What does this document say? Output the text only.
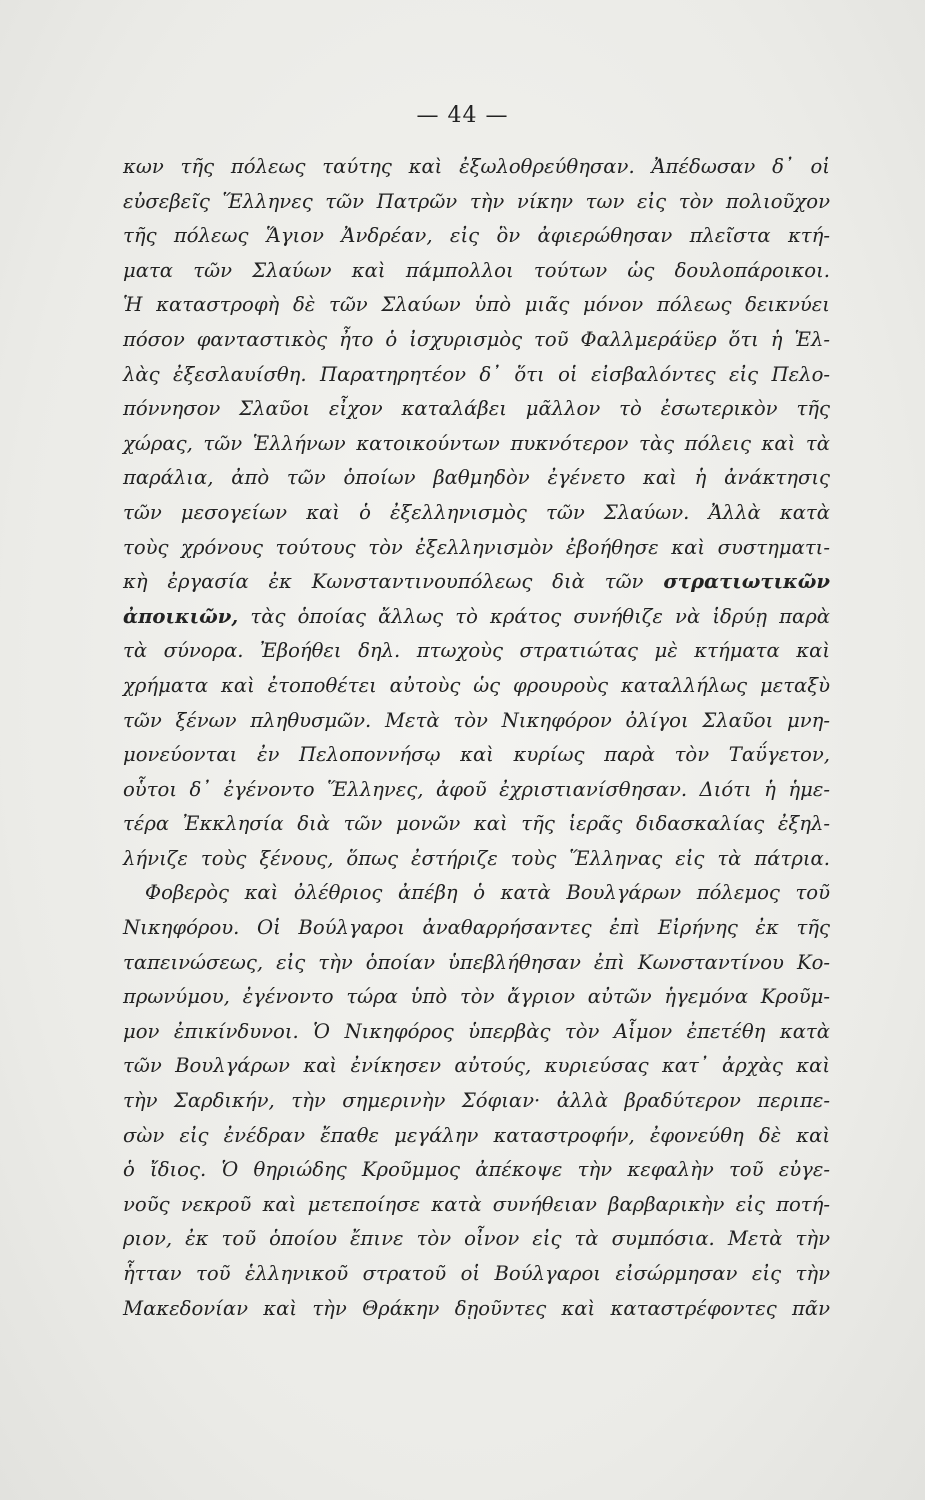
— 44 —
κων τῆς πόλεως ταύτης καὶ ἐξωλοθρεύθησαν. Ἀπέδωσαν δ᾽ οἱ
εὐσεβεῖς Ἕλληνες τῶν Πατρῶν τὴν νίκην των εἰς τὸν πολιοῦχον
τῆς πόλεως Ἅγιον Ἀνδρέαν, εἰς ὃν ἀφιερώθησαν πλεῖστα κτή-
ματα τῶν Σλαύων καὶ πάμπολλοι τούτων ὡς δουλοπάροικοι.
Ἡ καταστροφὴ δὲ τῶν Σλαύων ὑπὸ μιᾶς μόνον πόλεως δεικνύει
πόσον φανταστικὸς ἦτο ὁ ἰσχυρισμὸς τοῦ Φαλλμεράϋερ ὅτι ἡ Ἑλ-
λὰς ἐξεσλαυίσθη. Παρατηρητέον δ᾽ ὅτι οἱ εἰσβαλόντες εἰς Πελο-
πόννησον Σλαῦοι εἶχον καταλάβει μᾶλλον τὸ ἐσωτερικὸν τῆς
χώρας, τῶν Ἑλλήνων κατοικούντων πυκνότερον τὰς πόλεις καὶ τὰ
παράλια, ἀπὸ τῶν ὁποίων βαθμηδὸν ἐγένετο καὶ ἡ ἀνάκτησις
τῶν μεσογείων καὶ ὁ ἐξελληνισμὸς τῶν Σλαύων. Ἀλλὰ κατὰ
τοὺς χρόνους τούτους τὸν ἐξελληνισμὸν ἐβοήθησε καὶ συστηματι-
κὴ ἐργασία ἐκ Κωνσταντινουπόλεως διὰ τῶν στρατιωτικῶν
ἀποικιῶν, τὰς ὁποίας ἄλλως τὸ κράτος συνήθιζε νὰ ἱδρύῃ παρὰ
τὰ σύνορα. Ἐβοήθει δηλ. πτωχοὺς στρατιώτας μὲ κτήματα καὶ
χρήματα καὶ ἐτοποθέτει αὐτοὺς ὡς φρουροὺς καταλλήλως μεταξὺ
τῶν ξένων πληθυσμῶν. Μετὰ τὸν Νικηφόρον ὀλίγοι Σλαῦοι μνη-
μονεύονται ἐν Πελοποννήσῳ καὶ κυρίως παρὰ τὸν Ταΰγετον,
οὗτοι δ᾽ ἐγένοντο Ἕλληνες, ἀφοῦ ἐχριστιανίσθησαν. Διότι ἡ ἡμε-
τέρα Ἐκκλησία διὰ τῶν μονῶν καὶ τῆς ἱερᾶς διδασκαλίας ἐξηλ-
λήνιζε τοὺς ξένους, ὅπως ἐστήριζε τοὺς Ἕλληνας εἰς τὰ πάτρια.
Φοβερὸς καὶ ὀλέθριος ἀπέβη ὁ κατὰ Βουλγάρων πόλεμος τοῦ
Νικηφόρου. Οἱ Βούλγαροι ἀναθαρρήσαντες ἐπὶ Εἰρήνης ἐκ τῆς
ταπεινώσεως, εἰς τὴν ὁποίαν ὑπεβλήθησαν ἐπὶ Κωνσταντίνου Κο-
πρωνύμου, ἐγένοντο τώρα ὑπὸ τὸν ἄγριον αὐτῶν ἡγεμόνα Κροῦμ-
μον ἐπικίνδυνοι. Ὁ Νικηφόρος ὑπερβὰς τὸν Αἷμον ἐπετέθη κατὰ
τῶν Βουλγάρων καὶ ἐνίκησεν αὐτούς, κυριεύσας κατ᾽ ἀρχὰς καὶ
τὴν Σαρδικήν, τὴν σημερινὴν Σόφιαν· ἀλλὰ βραδύτερον περιπε-
σὼν εἰς ἐνέδραν ἔπαθε μεγάλην καταστροφήν, ἐφονεύθη δὲ καὶ
ὁ ἴδιος. Ὁ θηριώδης Κροῦμμος ἀπέκοψε τὴν κεφαλὴν τοῦ εὐγε-
νοῦς νεκροῦ καὶ μετεποίησε κατὰ συνήθειαν βαρβαρικὴν εἰς ποτή-
ριον, ἐκ τοῦ ὁποίου ἔπινε τὸν οἶνον εἰς τὰ συμπόσια. Μετὰ τὴν
ἧτταν τοῦ ἑλληνικοῦ στρατοῦ οἱ Βούλγαροι εἰσώρμησαν εἰς τὴν
Μακεδονίαν καὶ τὴν Θράκην δῃοῦντες καὶ καταστρέφοντες πᾶν
